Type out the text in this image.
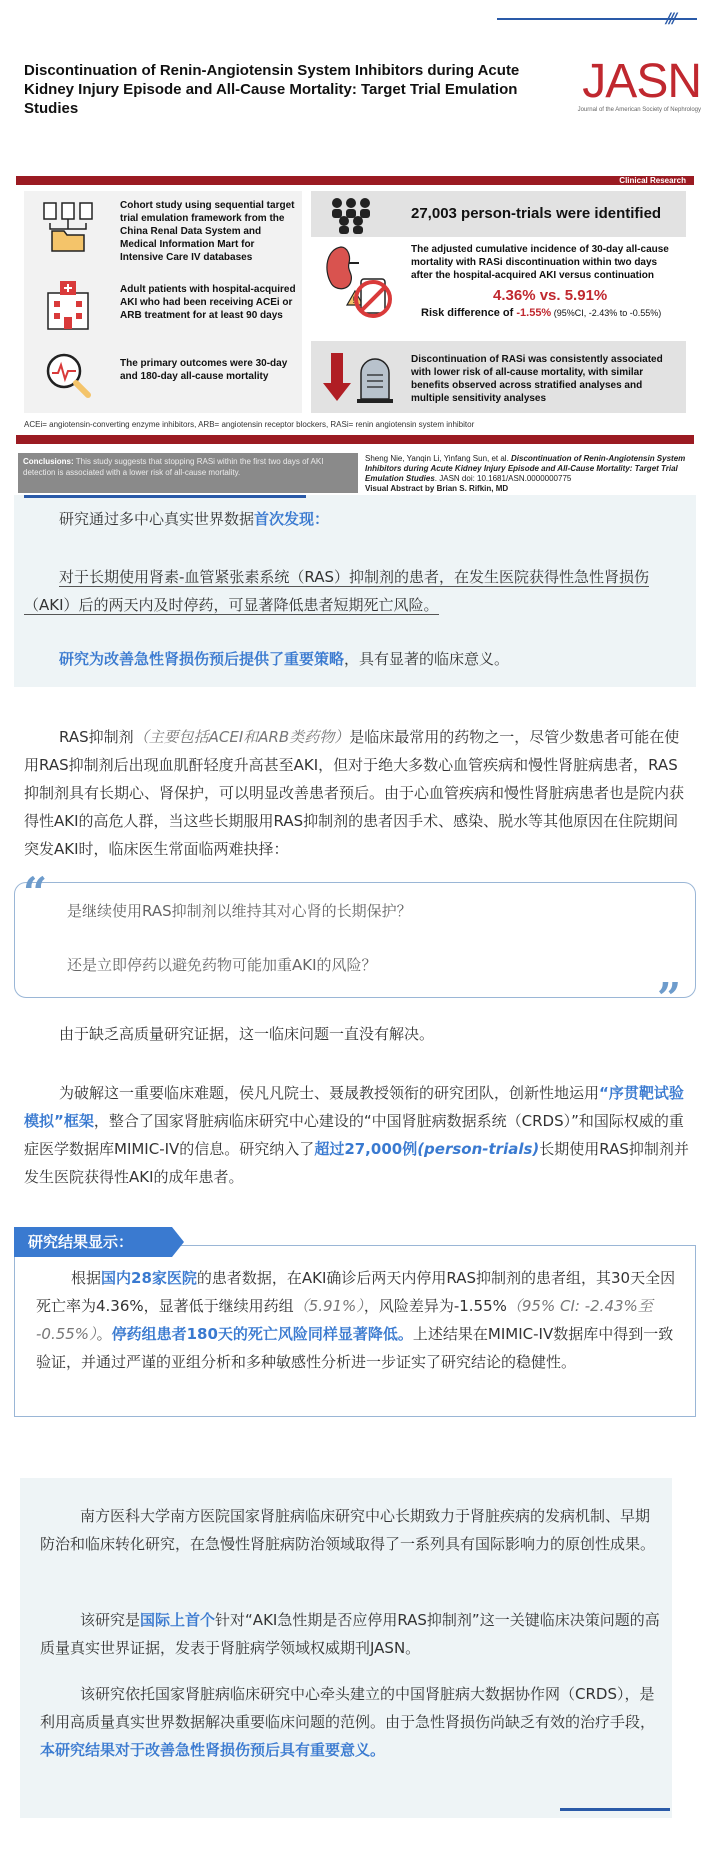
///
Discontinuation of Renin-Angiotensin System Inhibitors during Acute Kidney Injury Episode and All-Cause Mortality: Target Trial Emulation Studies
JASN
Journal of the American Society of Nephrology
Clinical Research
Cohort study using sequential target trial emulation framework from the China Renal Data System and Medical Information Mart for Intensive Care IV databases
Adult patients with hospital-acquired AKI who had been receiving ACEi or ARB treatment for at least 90 days
The primary outcomes were 30-day and 180-day all-cause mortality
27,003 person-trials were identified
!
The adjusted cumulative incidence of 30-day all-cause mortality with RASi discontinuation within two days after the hospital-acquired AKI versus continuation
4.36% vs. 5.91%
Risk difference of -1.55% (95%CI, -2.43% to -0.55%)
Discontinuation of RASi was consistently associated with lower risk of all-cause mortality, with similar benefits observed across stratified analyses and multiple sensitivity analyses
ACEi= angiotensin-converting enzyme inhibitors, ARB= angiotensin receptor blockers, RASi= renin angiotensin system inhibitor
Conclusions: This study suggests that stopping RASi within the first two days of AKI detection is associated with a lower risk of all-cause mortality.
Sheng Nie, Yanqin Li, Yinfang Sun, et al. Discontinuation of Renin-Angiotensin System Inhibitors during Acute Kidney Injury Episode and All-Cause Mortality: Target Trial Emulation Studies. JASN doi: 10.1681/ASN.0000000775
Visual Abstract by Brian S. Rifkin, MD
研究通过多中心真实世界数据首次发现：
对于长期使用肾素-血管紧张素系统（RAS）抑制剂的患者，在发生医院获得性急性肾损伤（AKI）后的两天内及时停药，可显著降低患者短期死亡风险。
研究为改善急性肾损伤预后提供了重要策略，具有显著的临床意义。
RAS抑制剂（主要包括ACEI和ARB类药物）是临床最常用的药物之一，尽管少数患者可能在使用RAS抑制剂后出现血肌酐轻度升高甚至AKI，但对于绝大多数心血管疾病和慢性肾脏病患者，RAS抑制剂具有长期心、肾保护，可以明显改善患者预后。由于心血管疾病和慢性肾脏病患者也是院内获得性AKI的高危人群，当这些长期服用RAS抑制剂的患者因手术、感染、脱水等其他原因在住院期间突发AKI时，临床医生常面临两难抉择：
“ 是继续使用RAS抑制剂以维持其对心肾的长期保护？
还是立即停药以避免药物可能加重AKI的风险？
”
由于缺乏高质量研究证据，这一临床问题一直没有解决。
为破解这一重要临床难题，侯凡凡院士、聂晟教授领衔的研究团队，创新性地运用“序贯靶试验模拟”框架，整合了国家肾脏病临床研究中心建设的“中国肾脏病数据系统（CRDS）”和国际权威的重症医学数据库MIMIC-IV的信息。研究纳入了超过27,000例(person-trials)长期使用RAS抑制剂并发生医院获得性AKI的成年患者。
根据国内28家医院的患者数据，在AKI确诊后两天内停用RAS抑制剂的患者组，其30天全因死亡率为4.36%，显著低于继续用药组（5.91%），风险差异为-1.55%（95% CI: -2.43%至 -0.55%）。停药组患者180天的死亡风险同样显著降低。上述结果在MIMIC-IV数据库中得到一致验证，并通过严谨的亚组分析和多种敏感性分析进一步证实了研究结论的稳健性。
研究结果显示：
南方医科大学南方医院国家肾脏病临床研究中心长期致力于肾脏疾病的发病机制、早期防治和临床转化研究，在急慢性肾脏病防治领域取得了一系列具有国际影响力的原创性成果。
该研究是国际上首个针对“AKI急性期是否应停用RAS抑制剂”这一关键临床决策问题的高质量真实世界证据，发表于肾脏病学领域权威期刊JASN。
该研究依托国家肾脏病临床研究中心牵头建立的中国肾脏病大数据协作网（CRDS），是利用高质量真实世界数据解决重要临床问题的范例。由于急性肾损伤尚缺乏有效的治疗手段，本研究结果对于改善急性肾损伤预后具有重要意义。
